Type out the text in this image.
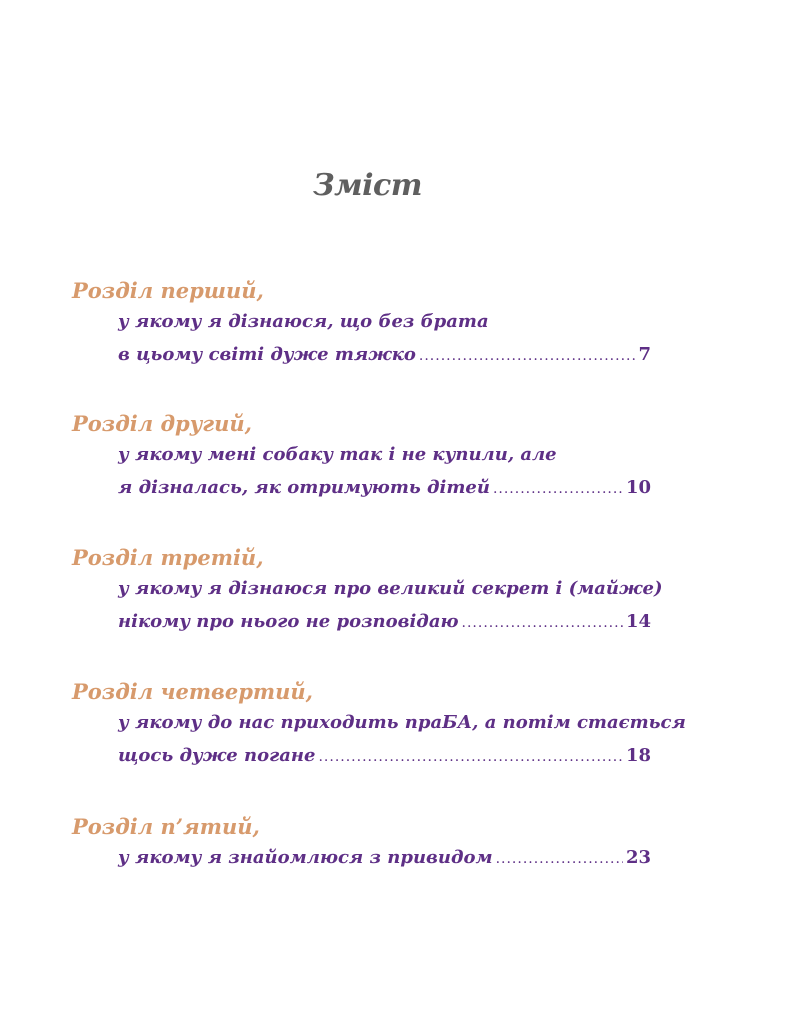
Зміст
Розділ перший,
у якому я дізнаюся, що без брата
в цьому світі дуже тяжко .....	7
Розділ другий,
у якому мені собаку так і не купили, але
я дізналась, як отримують дітей .....	10
Розділ третій,
у якому я дізнаюся про великий секрет і (майже)
нікому про нього не розповідаю .....	14
Розділ четвертий,
у якому до нас приходить праБА, а потім стається
щось дуже погане .....	18
Розділ п’ятий,
у якому я знайомлюся з привидом .....	23
